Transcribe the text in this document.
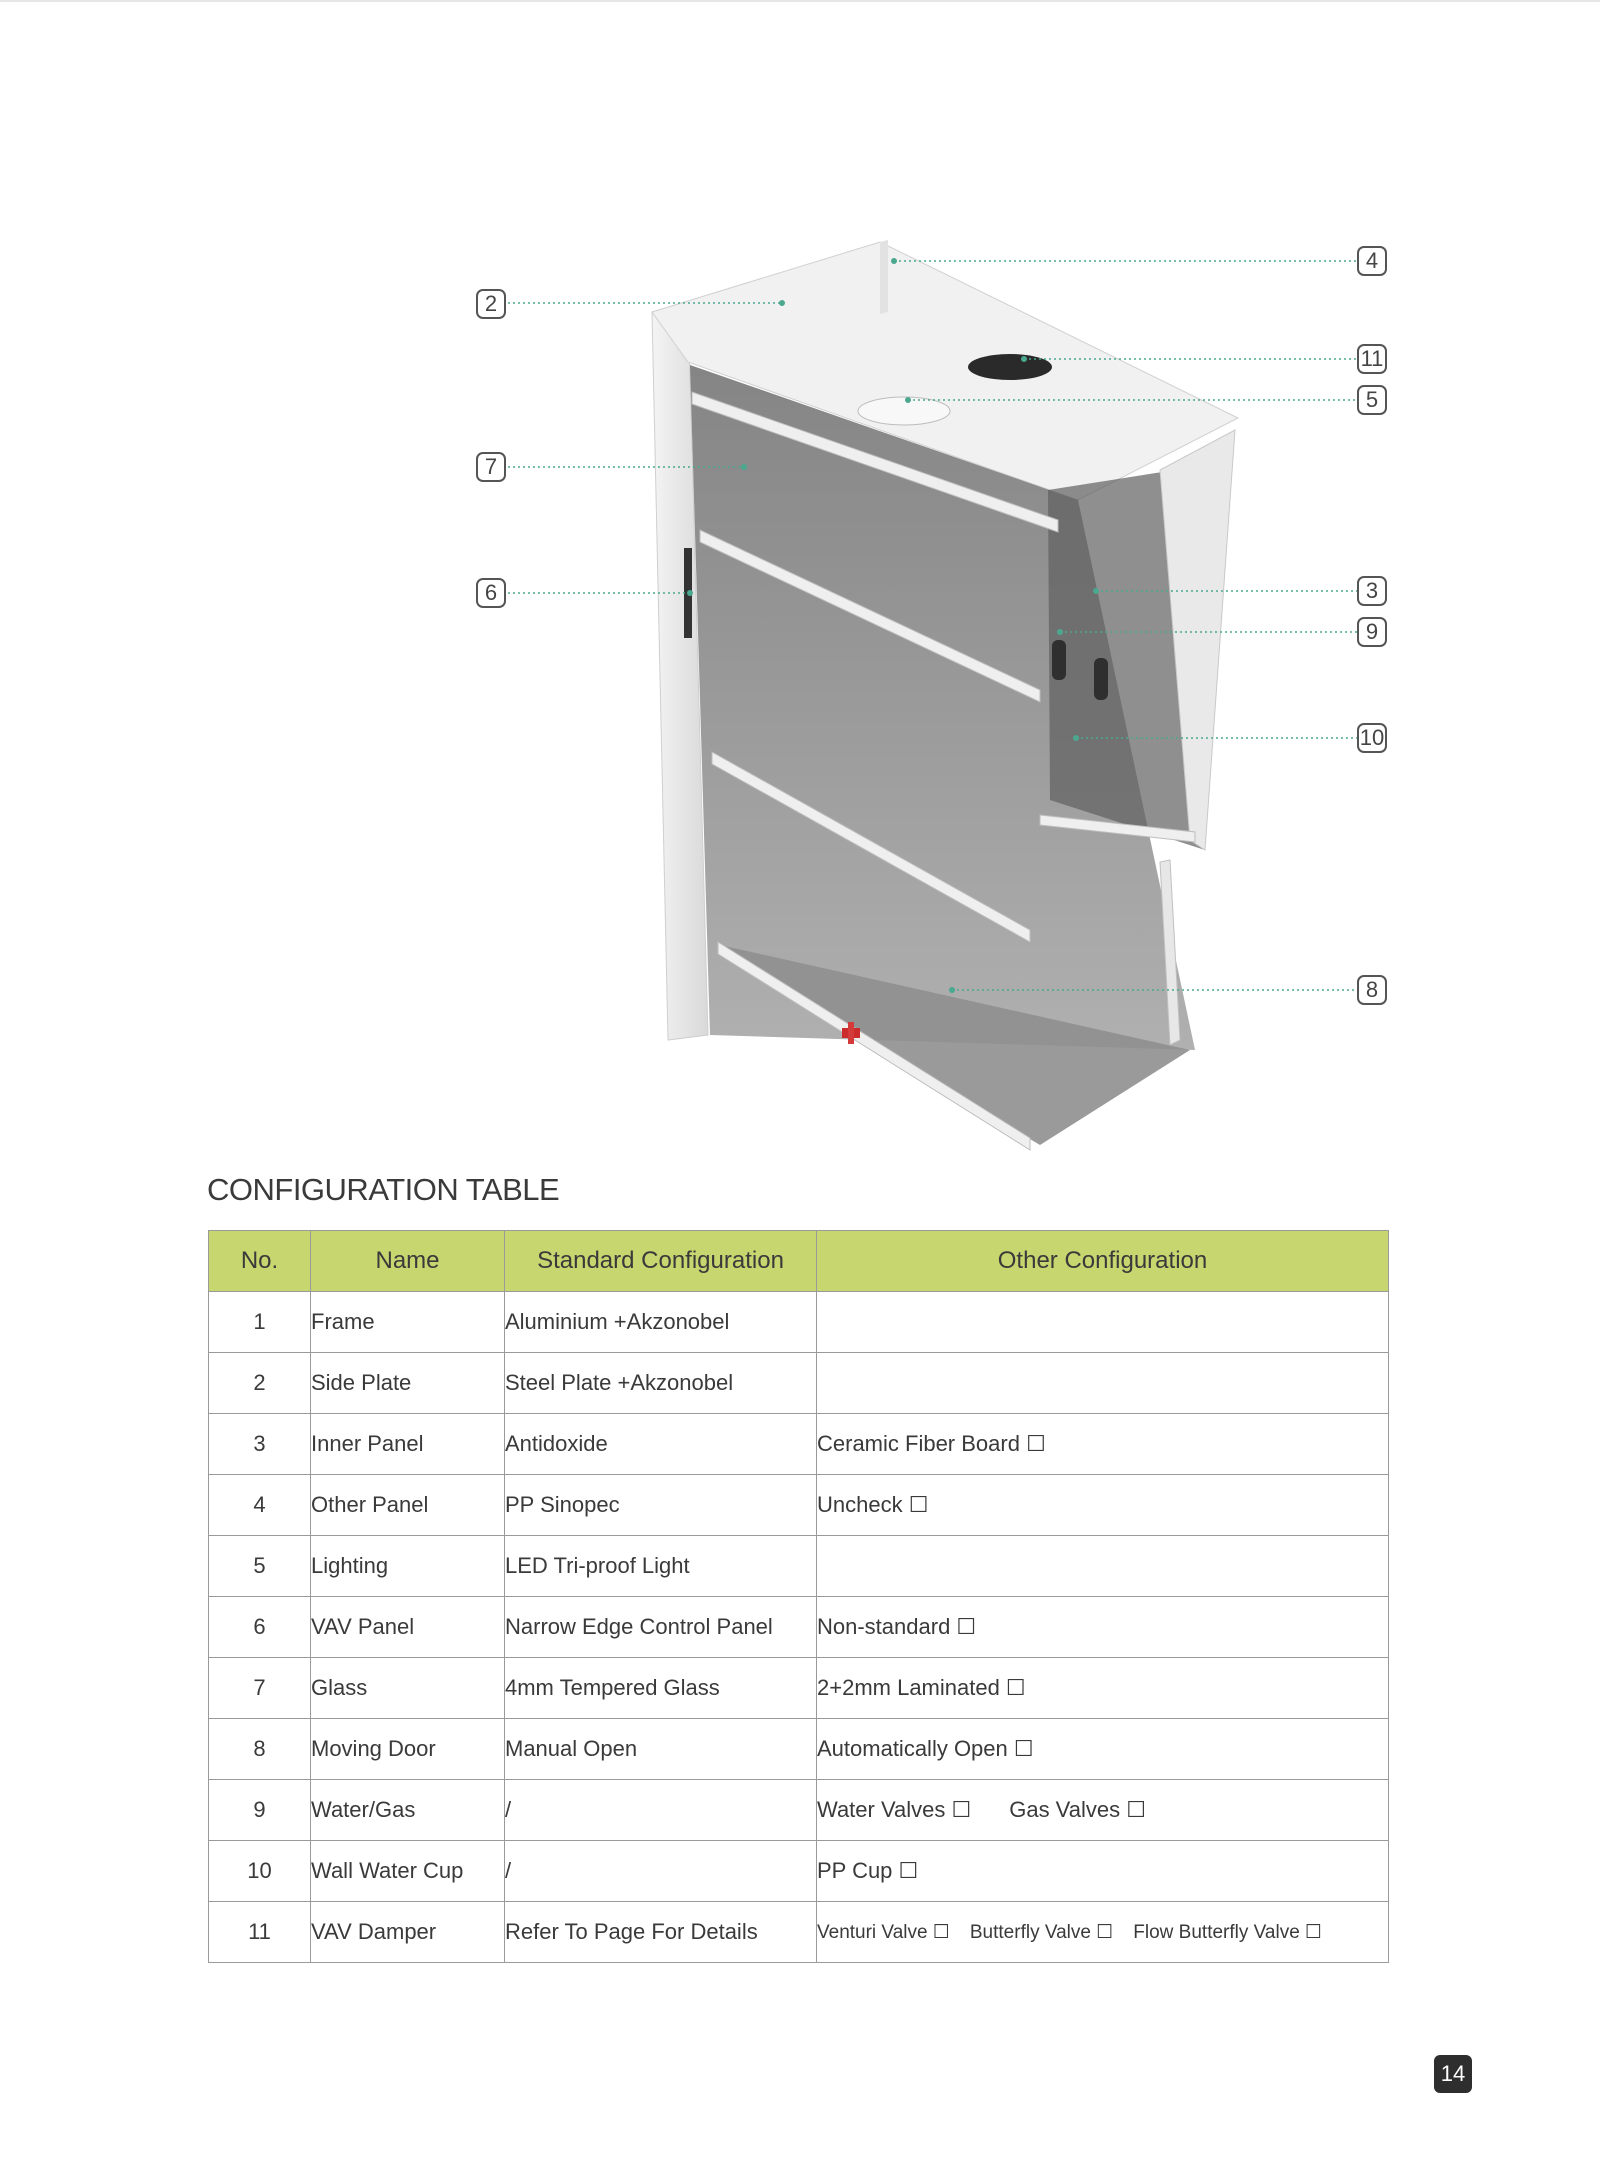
2
4
11
5
7
6	3
9
10
8
CONFIGURATION TABLE
No.	Name	Standard Configuration	Other Configuration
1	Frame	Aluminium +Akzonobel	
2	Side Plate	Steel Plate +Akzonobel	
3	Inner Panel	Antidoxide	Ceramic Fiber Board ☐
4	Other Panel	PP Sinopec	Uncheck ☐
5	Lighting	LED Tri-proof Light	
6	VAV Panel	Narrow Edge Control Panel	Non-standard ☐
7	Glass	4mm Tempered Glass	2+2mm Laminated ☐
8	Moving Door	Manual Open	Automatically Open ☐
9	Water/Gas	/	Water Valves ☐ Gas Valves ☐
10	Wall Water Cup	/	PP Cup ☐
11	VAV Damper	Refer To Page For Details	Venturi Valve ☐ Butterfly Valve ☐ Flow Butterfly Valve ☐
14
